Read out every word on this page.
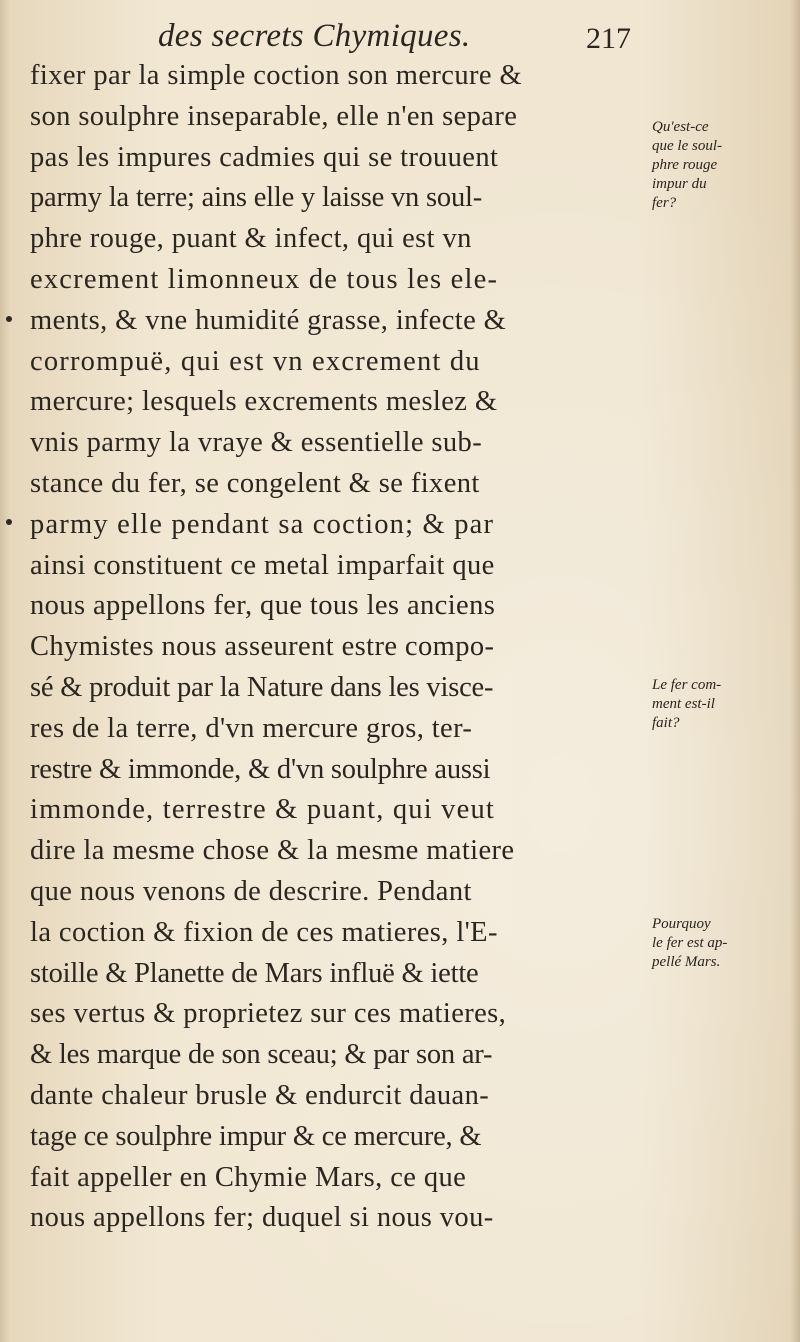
des secrets Chymiques.	217
fixer par la simple coction son mercure &
son soulphre inseparable, elle n'en separe
pas les impures cadmies qui se trouuent
parmy la terre; ains elle y laisse vn soul-
phre rouge, puant & infect, qui est vn
excrement limonneux de tous les ele-
ments, & vne humidité grasse, infecte &
corrompuë, qui est vn excrement du
mercure; lesquels excrements meslez &
vnis parmy la vraye & essentielle sub-
stance du fer, se congelent & se fixent
parmy elle pendant sa coction; & par
ainsi constituent ce metal imparfait que
nous appellons fer, que tous les anciens
Chymistes nous asseurent estre compo-
sé & produit par la Nature dans les visce-
res de la terre, d'vn mercure gros, ter-
restre & immonde, & d'vn soulphre aussi
immonde, terrestre & puant, qui veut
dire la mesme chose & la mesme matiere
que nous venons de descrire. Pendant
la coction & fixion de ces matieres, l'E-
stoille & Planette de Mars influë & iette
ses vertus & proprietez sur ces matieres,
& les marque de son sceau; & par son ar-
dante chaleur brusle & endurcit dauan-
tage ce soulphre impur & ce mercure, &
fait appeller en Chymie Mars, ce que
nous appellons fer; duquel si nous vou-
Qu'est-ce
que le soul-
phre rouge
impur du
fer?
Le fer com-
ment est-il
fait?
Pourquoy
le fer est ap-
pellé Mars.
